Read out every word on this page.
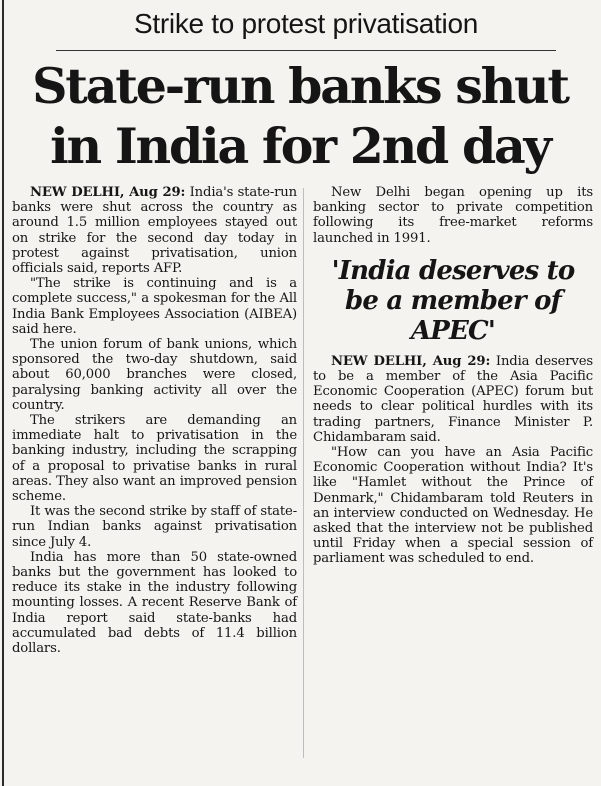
Strike to protest privatisation
State-run banks shut
in India for 2nd day

NEW DELHI, Aug 29: India's state-run banks were shut across the country as around 1.5 million employees stayed out on strike for the second day today in protest against privatisation, union officials said, reports AFP.

"The strike is continuing and is a complete success," a spokesman for the All India Bank Employees Association (AIBEA) said here.

The union forum of bank unions, which sponsored the two-day shutdown, said about 60,000 branches were closed, paralysing banking activity all over the country.

The strikers are demanding an immediate halt to privatisation in the banking industry, including the scrapping of a proposal to privatise banks in rural areas. They also want an improved pension scheme.

It was the second strike by staff of state-run Indian banks against privatisation since July 4.

India has more than 50 state-owned banks but the government has looked to reduce its stake in the industry following mounting losses. A recent Reserve Bank of India report said state-banks had accumulated bad debts of 11.4 billion dollars.

New Delhi began opening up its banking sector to private competition following its free-market reforms launched in 1991.

'India deserves to be a member of APEC'

NEW DELHI, Aug 29: India deserves to be a member of the Asia Pacific Economic Cooperation (APEC) forum but needs to clear political hurdles with its trading partners, Finance Minister P. Chidambaram said.

"How can you have an Asia Pacific Economic Cooperation without India? It's like "Hamlet without the Prince of Denmark," Chidambaram told Reuters in an interview conducted on Wednesday. He asked that the interview not be published until Friday when a special session of parliament was scheduled to end.
